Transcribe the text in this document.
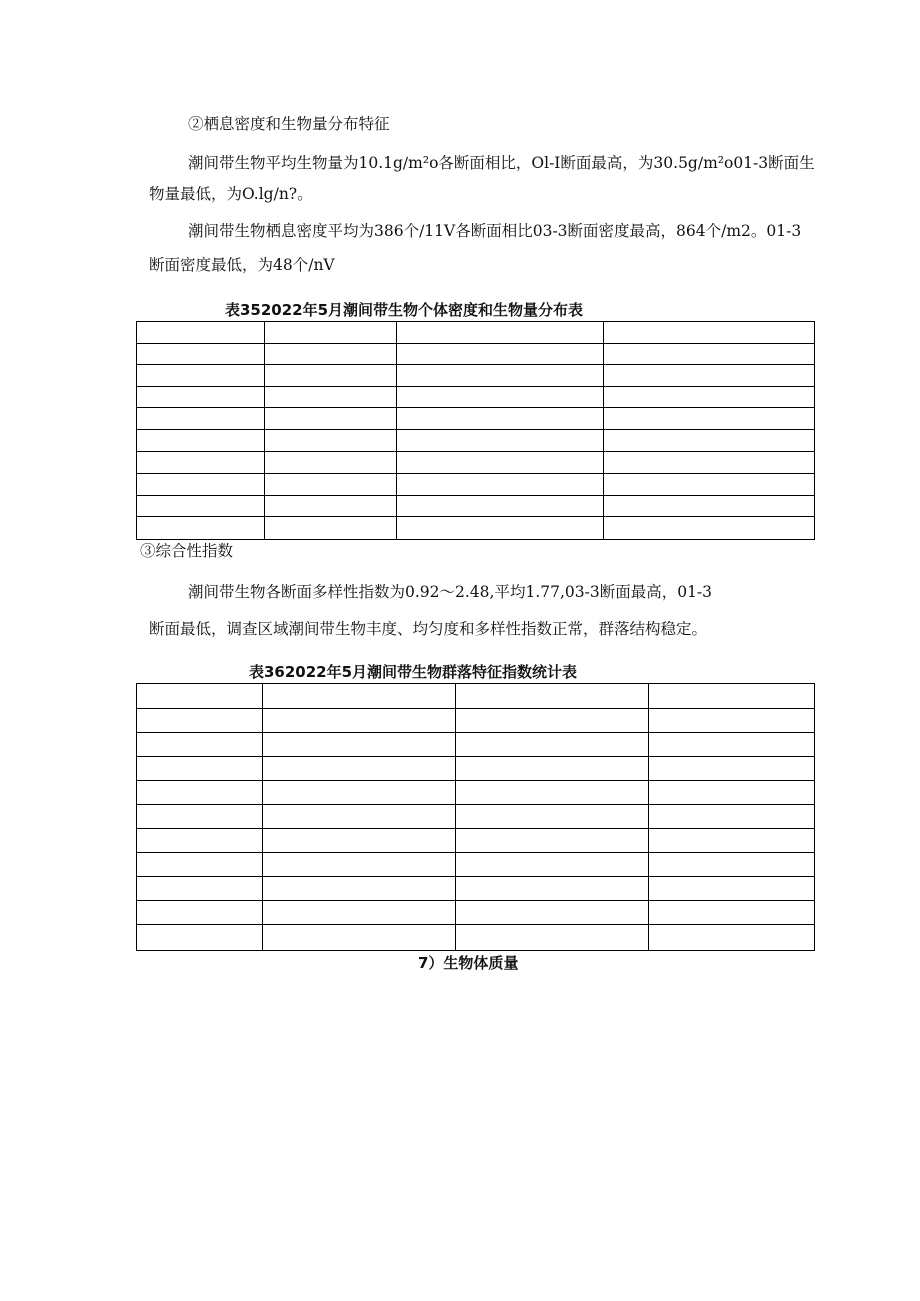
②栖息密度和生物量分布特征
潮间带生物平均生物量为10.1g∕m²o各断面相比，Ol-I断面最高，为30.5g∕m²o01-3断面生
物量最低，为O.lg/n?。
潮间带生物栖息密度平均为386个∕11V各断面相比03-3断面密度最高，864个/m2。01-3
断面密度最低，为48个/nV
表352022年5月潮间带生物个体密度和生物量分布表

③综合性指数
潮间带生物各断面多样性指数为0.92～2.48,平均1.77,03-3断面最高，01-3
断面最低，调查区域潮间带生物丰度、均匀度和多样性指数正常，群落结构稳定。
表362022年5月潮间带生物群落特征指数统计表

7）生物体质量
